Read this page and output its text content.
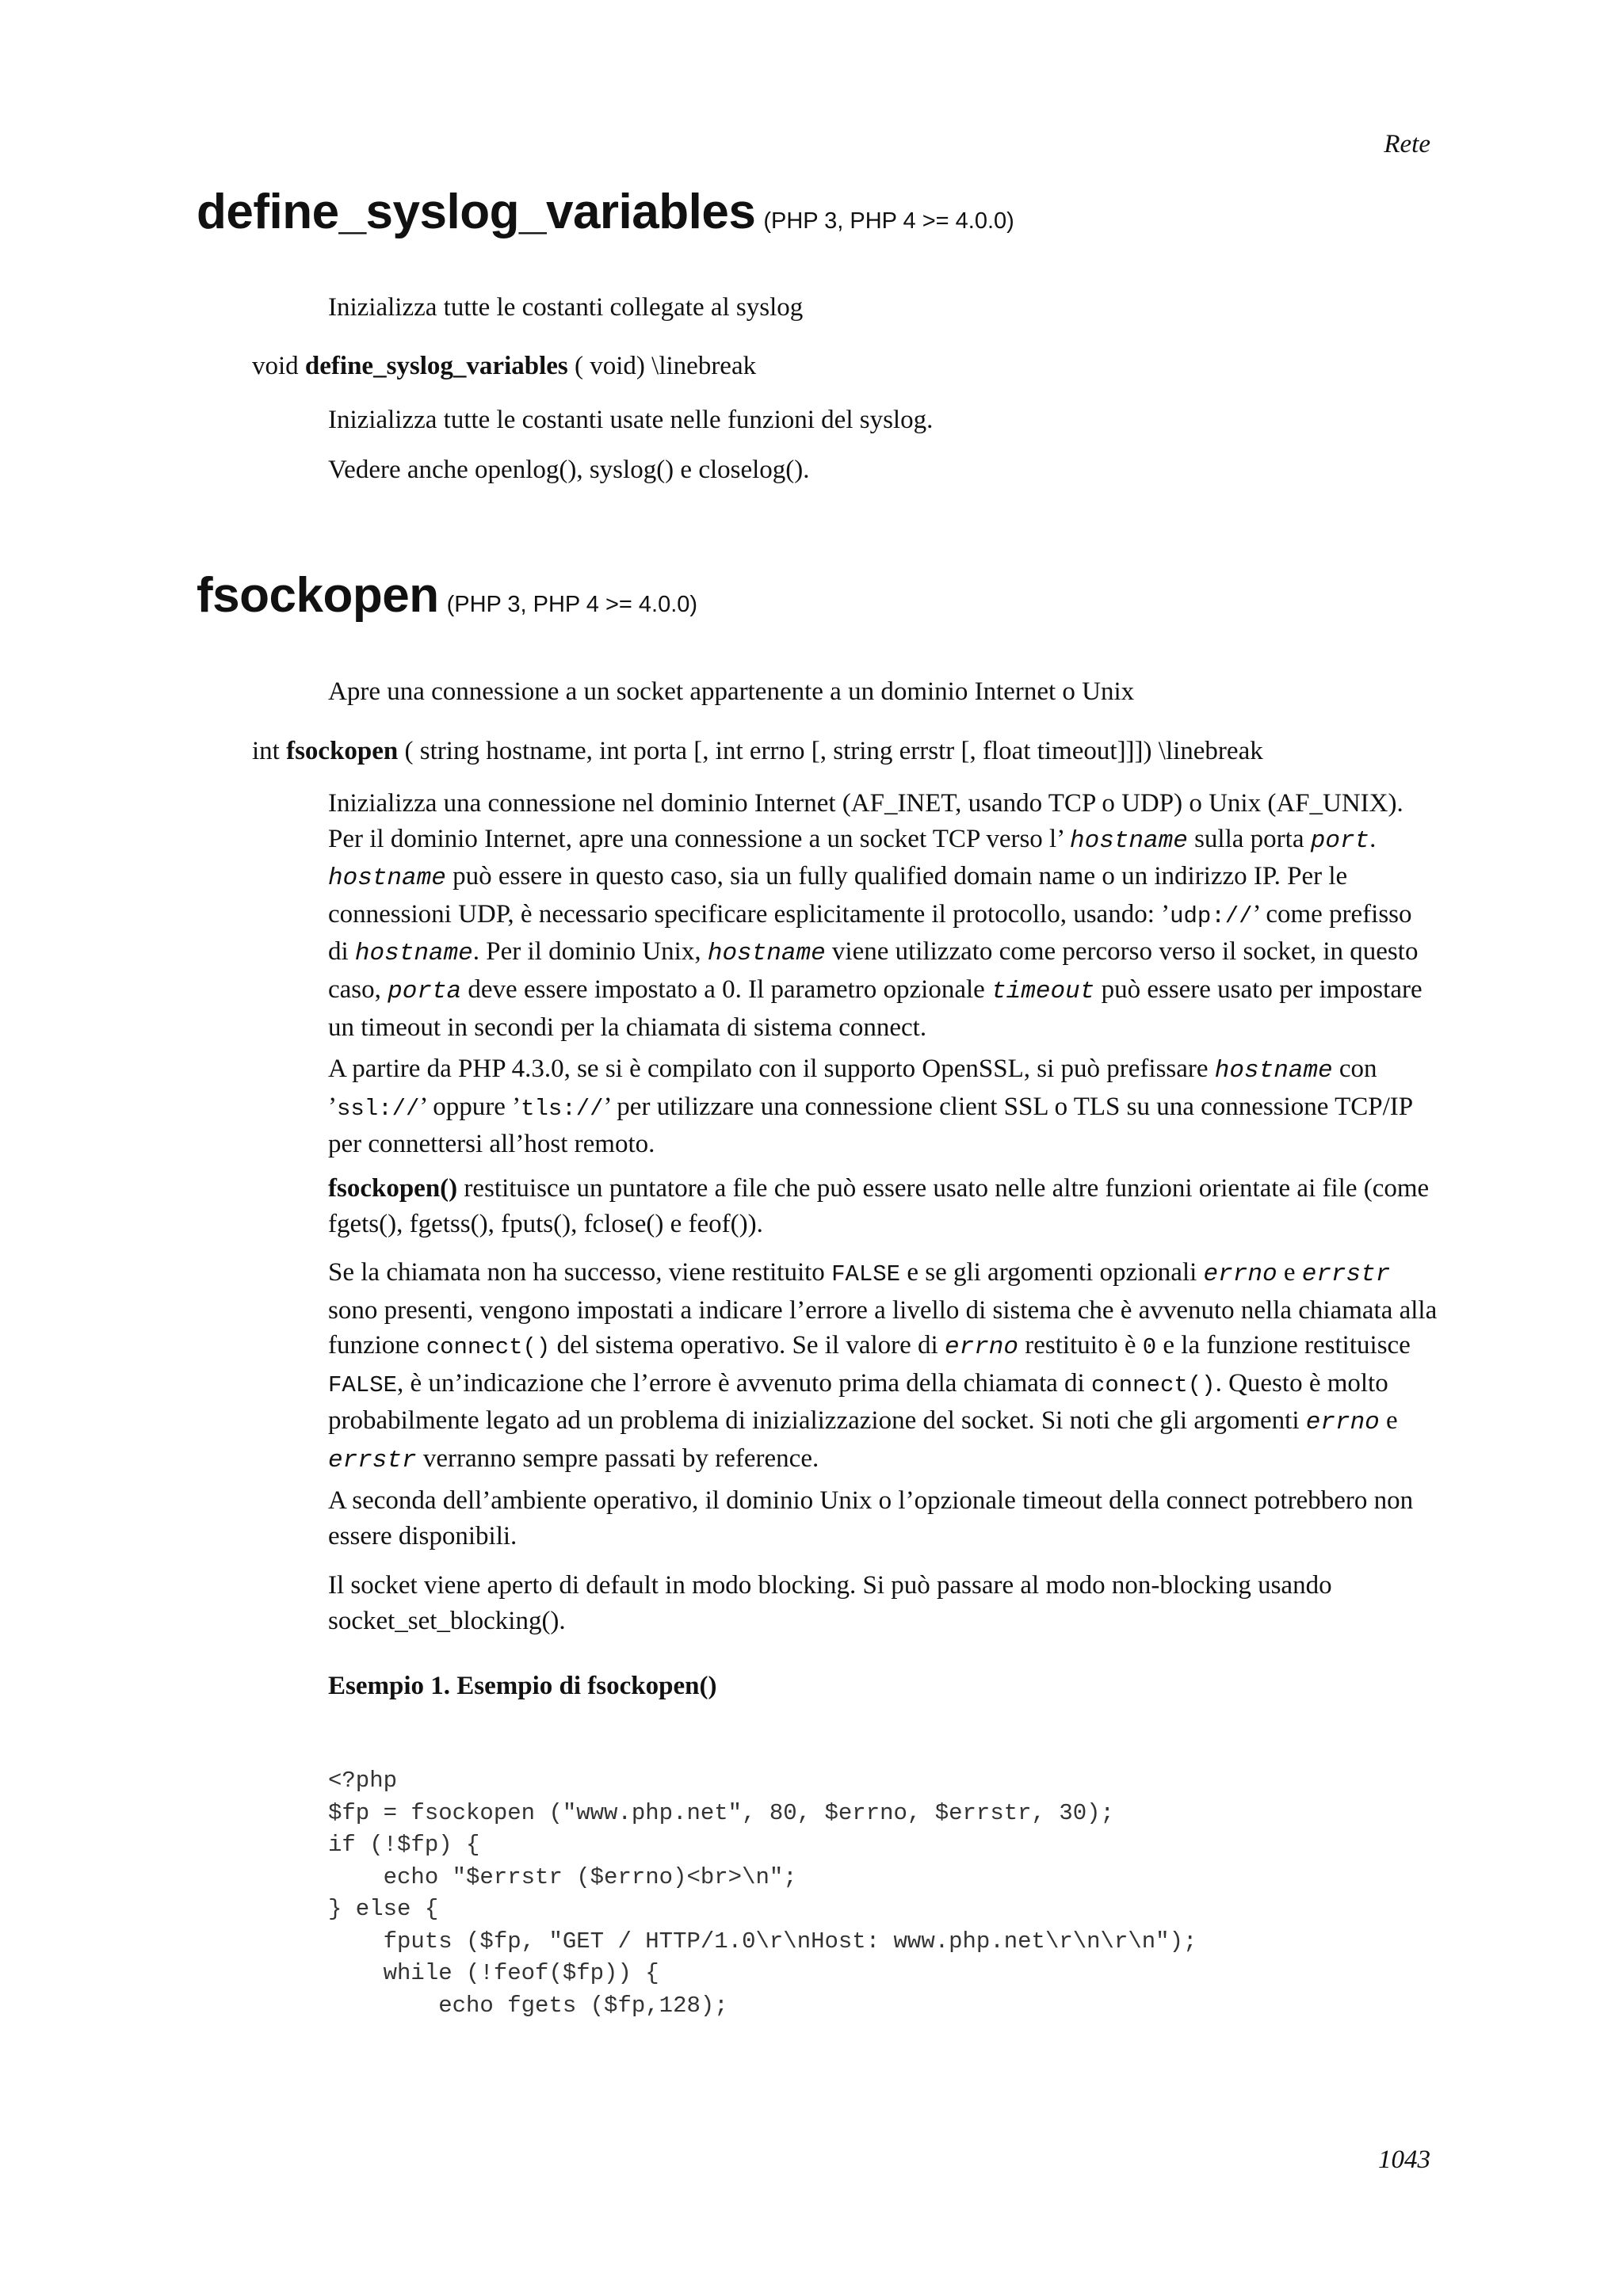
Rete
1043
define_syslog_variables (PHP 3, PHP 4 >= 4.0.0)
Inizializza tutte le costanti collegate al syslog
void define_syslog_variables ( void) \linebreak
Inizializza tutte le costanti usate nelle funzioni del syslog.
Vedere anche openlog(), syslog() e closelog().
fsockopen (PHP 3, PHP 4 >= 4.0.0)
Apre una connessione a un socket appartenente a un dominio Internet o Unix
int fsockopen ( string hostname, int porta [, int errno [, string errstr [, float timeout]]]) \linebreak
Inizializza una connessione nel dominio Internet (AF_INET, usando TCP o UDP) o Unix (AF_UNIX). Per il dominio Internet, apre una connessione a un socket TCP verso l’ hostname sulla porta port. hostname può essere in questo caso, sia un fully qualified domain name o un indirizzo IP. Per le connessioni UDP, è necessario specificare esplicitamente il protocollo, usando: ’udp://’ come prefisso di hostname. Per il dominio Unix, hostname viene utilizzato come percorso verso il socket, in questo caso, porta deve essere impostato a 0. Il parametro opzionale timeout può essere usato per impostare un timeout in secondi per la chiamata di sistema connect.
A partire da PHP 4.3.0, se si è compilato con il supporto OpenSSL, si può prefissare hostname con ’ssl://’ oppure ’tls://’ per utilizzare una connessione client SSL o TLS su una connessione TCP/IP per connettersi all’host remoto.
fsockopen() restituisce un puntatore a file che può essere usato nelle altre funzioni orientate ai file (come fgets(), fgetss(), fputs(), fclose() e feof()).
Se la chiamata non ha successo, viene restituito FALSE e se gli argomenti opzionali errno e errstr sono presenti, vengono impostati a indicare l’errore a livello di sistema che è avvenuto nella chiamata alla funzione connect() del sistema operativo. Se il valore di errno restituito è 0 e la funzione restituisce FALSE, è un’indicazione che l’errore è avvenuto prima della chiamata di connect(). Questo è molto probabilmente legato ad un problema di inizializzazione del socket. Si noti che gli argomenti errno e errstr verranno sempre passati by reference.
A seconda dell’ambiente operativo, il dominio Unix o l’opzionale timeout della connect potrebbero non essere disponibili.
Il socket viene aperto di default in modo blocking. Si può passare al modo non-blocking usando socket_set_blocking().
Esempio 1. Esempio di fsockopen()
<?php
$fp = fsockopen ("www.php.net", 80, $errno, $errstr, 30);
if (!$fp) {
echo "$errstr ($errno)<br>\n";
} else {
fputs ($fp, "GET / HTTP/1.0\r\nHost: www.php.net\r\n\r\n");
while (!feof($fp)) {
echo fgets ($fp,128);
